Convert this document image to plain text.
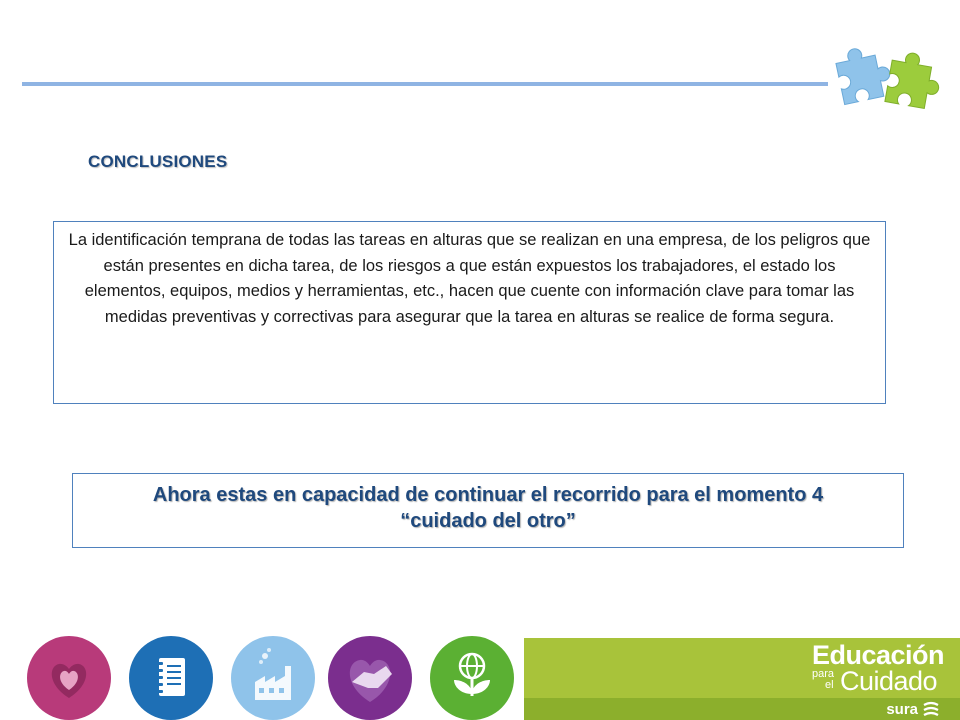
CONCLUSIONES

La identificación temprana de todas las tareas en alturas que se realizan en una empresa, de los peligros que están presentes en dicha tarea, de los riesgos a que están expuestos los trabajadores, el estado los elementos, equipos, medios y herramientas, etc., hacen que cuente con información clave para tomar las medidas preventivas y correctivas para asegurar que la tarea en alturas se realice de forma segura.

Ahora estas en capacidad de continuar el recorrido para el momento 4
“cuidado del otro”
Educación
para
el Cuidado
sura
